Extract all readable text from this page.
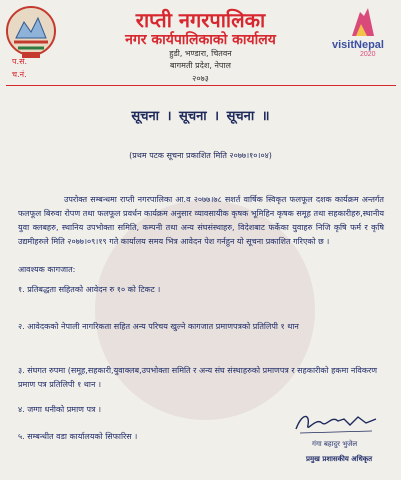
राप्ती नगरपालिका
नगर कार्यपालिकाको कार्यालय
हुडी, भण्डारा, चितवन
बागमती प्रदेश, नेपाल
२०७३
प.सं.
च.नं.
visitNepal
2020
सूचना । सूचना । सूचना ॥
(प्रथम पटक सूचना प्रकाशित मिति २०७७।१०।०४)
उपरोक्त सम्बन्धमा राप्ती नगरपालिका आ.व २०७७।७८ सशर्त वार्षिक स्विकृत फलफूल दशक कार्यक्रम अन्तर्गत फलफूल बिरुवा रोपण तथा फलफूल प्रवर्धन कार्यक्रम अनुसार व्यावसायीक कृषक भूमिहिन कृषक समूह तथा सहकारीहरु,स्थानीय युवा क्लबहरु, स्थानिय उपभोक्ता समिति, कम्पनी तथा अन्य संघसंस्थाहरु, विदेशबाट फर्केका युवाहरु निजि कृषि फर्म र कृषि उद्यमीहरुले मिति २०७७।०९।१९ गते कार्यालय समय भित्र आवेदन पेश गर्नहुन यो सूचना प्रकाशित गरिएको छ ।
आवश्यक कागजात:
१. प्रतिबद्धता सहितको आवेदन रु १० को टिकट ।
२. आवेदकको नेपाली नागरिकता सहित अन्य परिचय खुल्ने कागजात प्रमाणपत्रको प्रतिलिपी १ थान
३. संघगत रुपमा (समूह,सहकारी,युवाक्लब,उपभोक्ता समिति र अन्य संघ संस्थाहरुको प्रमाणपत्र र सहकारीको हकमा नविकरण प्रमाण पत्र प्रतिलिपी १ थान ।
४. जग्गा धनीको प्रमाण पत्र ।
५. सम्बन्धीत वडा कार्यालयको सिफारिस ।
गंगा बहादुर भुजेल
प्रमुख प्रशासकीय अधिकृत
